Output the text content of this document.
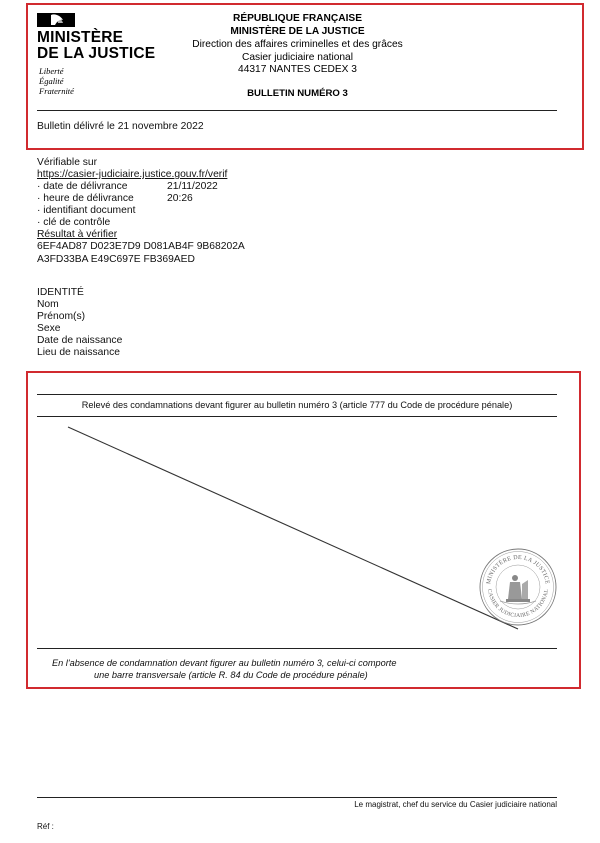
MINISTÈRE
DE LA JUSTICE
Liberté
Égalité
Fraternité
RÉPUBLIQUE FRANÇAISE
MINISTÈRE DE LA JUSTICE
Direction des affaires criminelles et des grâces
Casier judiciaire national
44317 NANTES CEDEX 3
BULLETIN NUMÉRO 3
Bulletin délivré le 21 novembre 2022
Vérifiable sur
https://casier-judiciaire.justice.gouv.fr/verif
· date de délivrance	21/11/2022
· heure de délivrance	20:26
· identifiant document
· clé de contrôle
Résultat à vérifier
6EF4AD87 D023E7D9 D081AB4F 9B68202A
A3FD33BA E49C697E FB369AED
IDENTITÉ
Nom
Prénom(s)
Sexe
Date de naissance
Lieu de naissance
Relevé des condamnations devant figurer au bulletin numéro 3 (article 777 du Code de procédure pénale)
MINISTÈRE DE LA JUSTICE
CASIER JUDICIAIRE NATIONAL
En l'absence de condamnation devant figurer au bulletin numéro 3, celui-ci comporte
une barre transversale (article R. 84 du Code de procédure pénale)
Le magistrat, chef du service du Casier judiciaire national
Réf :
